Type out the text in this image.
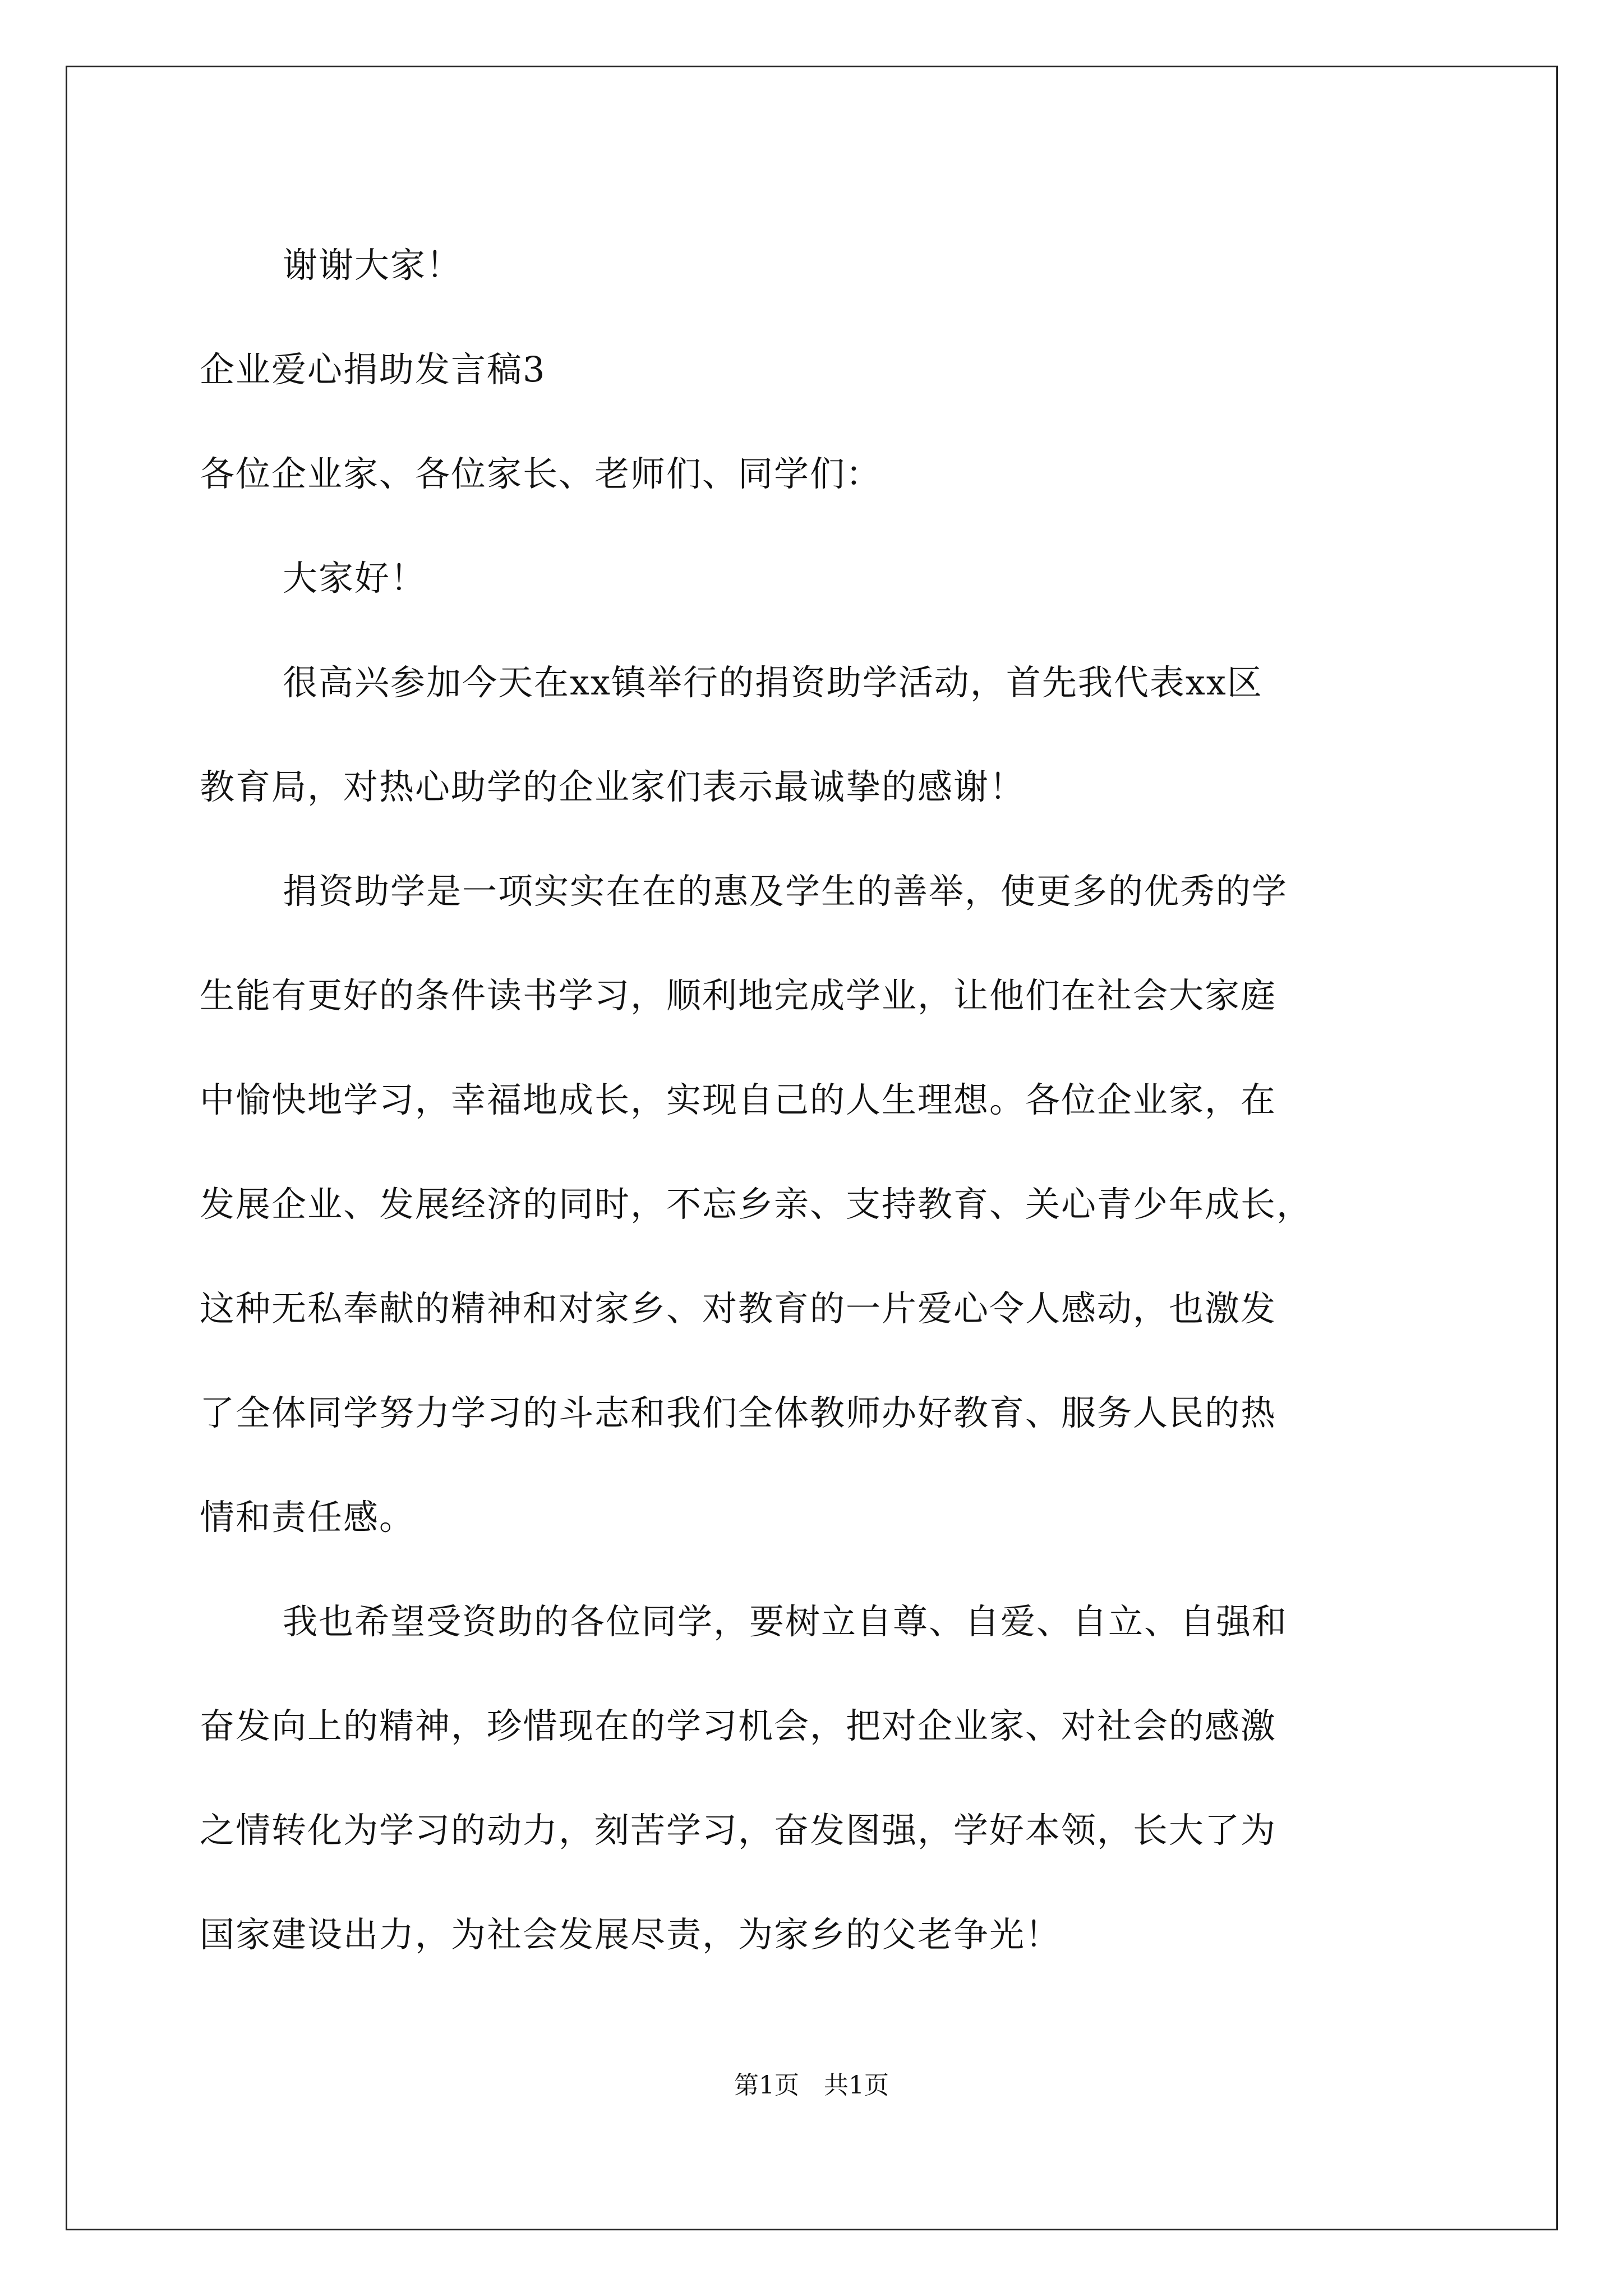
谢谢大家！
企业爱心捐助发言稿3
各位企业家、各位家长、老师们、同学们：
大家好！
很高兴参加今天在xx镇举行的捐资助学活动，首先我代表xx区
教育局，对热心助学的企业家们表示最诚挚的感谢！
捐资助学是一项实实在在的惠及学生的善举，使更多的优秀的学
生能有更好的条件读书学习，顺利地完成学业，让他们在社会大家庭
中愉快地学习，幸福地成长，实现自己的人生理想。各位企业家，在
发展企业、发展经济的同时，不忘乡亲、支持教育、关心青少年成长，
这种无私奉献的精神和对家乡、对教育的一片爱心令人感动，也激发
了全体同学努力学习的斗志和我们全体教师办好教育、服务人民的热
情和责任感。
我也希望受资助的各位同学，要树立自尊、自爱、自立、自强和
奋发向上的精神，珍惜现在的学习机会，把对企业家、对社会的感激
之情转化为学习的动力，刻苦学习，奋发图强，学好本领，长大了为
国家建设出力，为社会发展尽责，为家乡的父老争光！
第1页　共1页
